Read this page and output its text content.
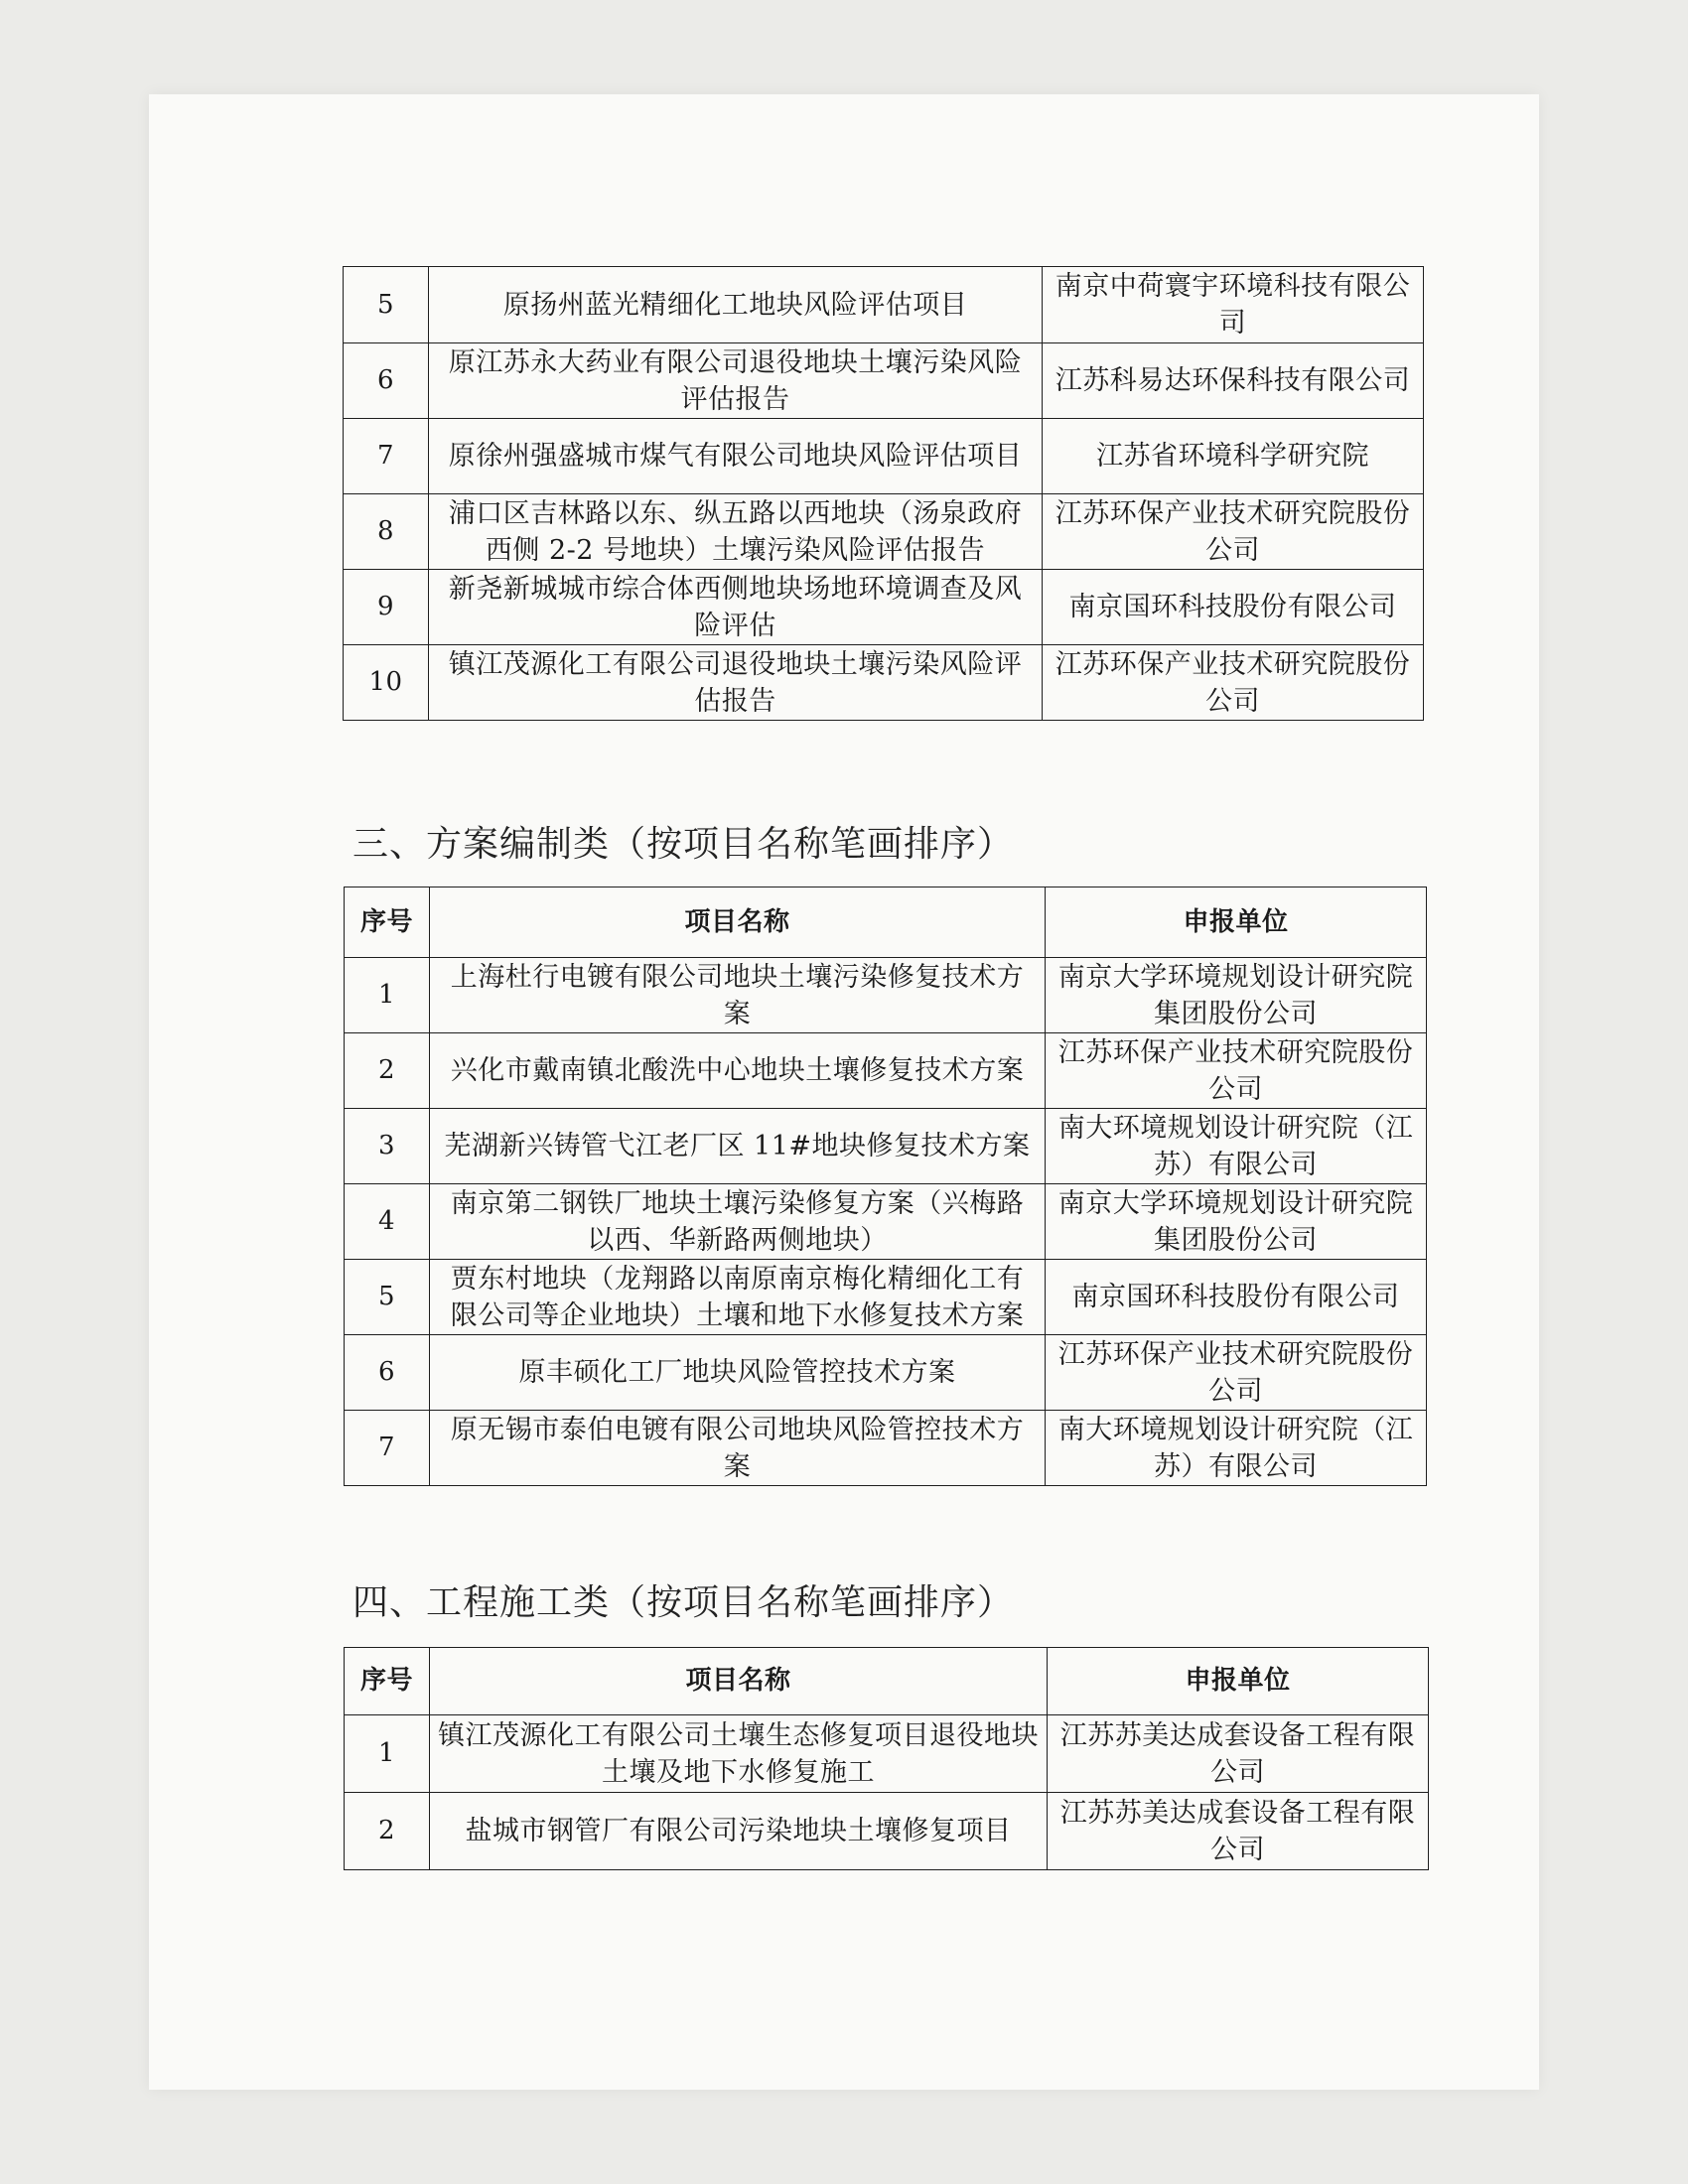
5	原扬州蓝光精细化工地块风险评估项目	南京中荷寰宇环境科技有限公司
6	原江苏永大药业有限公司退役地块土壤污染风险评估报告	江苏科易达环保科技有限公司
7	原徐州强盛城市煤气有限公司地块风险评估项目	江苏省环境科学研究院
8	浦口区吉林路以东、纵五路以西地块（汤泉政府西侧 2-2 号地块）土壤污染风险评估报告	江苏环保产业技术研究院股份公司
9	新尧新城城市综合体西侧地块场地环境调查及风险评估	南京国环科技股份有限公司
10	镇江茂源化工有限公司退役地块土壤污染风险评估报告	江苏环保产业技术研究院股份公司
三、方案编制类（按项目名称笔画排序）
序号	项目名称	申报单位
1	上海杜行电镀有限公司地块土壤污染修复技术方案	南京大学环境规划设计研究院集团股份公司
2	兴化市戴南镇北酸洗中心地块土壤修复技术方案	江苏环保产业技术研究院股份公司
3	芜湖新兴铸管弋江老厂区 11#地块修复技术方案	南大环境规划设计研究院（江苏）有限公司
4	南京第二钢铁厂地块土壤污染修复方案（兴梅路以西、华新路两侧地块）	南京大学环境规划设计研究院集团股份公司
5	贾东村地块（龙翔路以南原南京梅化精细化工有限公司等企业地块）土壤和地下水修复技术方案	南京国环科技股份有限公司
6	原丰硕化工厂地块风险管控技术方案	江苏环保产业技术研究院股份公司
7	原无锡市泰伯电镀有限公司地块风险管控技术方案	南大环境规划设计研究院（江苏）有限公司
四、工程施工类（按项目名称笔画排序）
序号	项目名称	申报单位
1	镇江茂源化工有限公司土壤生态修复项目退役地块土壤及地下水修复施工	江苏苏美达成套设备工程有限公司
2	盐城市钢管厂有限公司污染地块土壤修复项目	江苏苏美达成套设备工程有限公司
